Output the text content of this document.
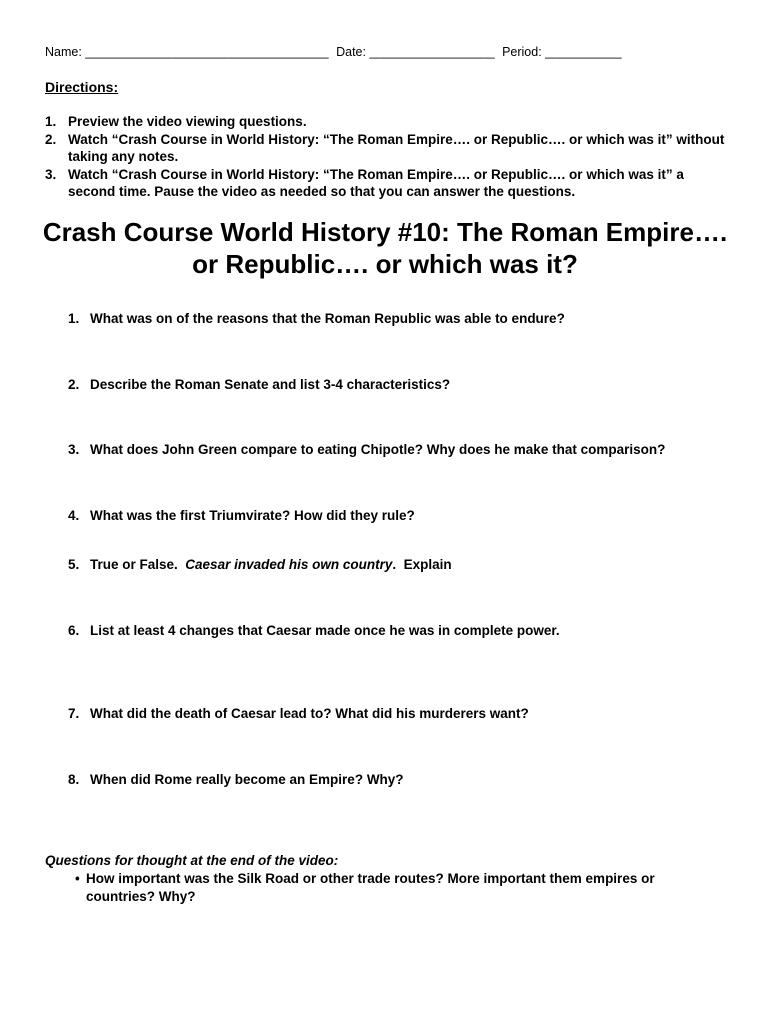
Name: ___________________________________ Date: __________________ Period: ___________
Directions:
1. Preview the video viewing questions.
2. Watch “Crash Course in World History: “The Roman Empire…. or Republic…. or which was it” without taking any notes.
3. Watch “Crash Course in World History: “The Roman Empire…. or Republic…. or which was it” a second time. Pause the video as needed so that you can answer the questions.
Crash Course World History #10: The Roman Empire….
or Republic…. or which was it?
1. What was on of the reasons that the Roman Republic was able to endure?
2. Describe the Roman Senate and list 3-4 characteristics?
3. What does John Green compare to eating Chipotle? Why does he make that comparison?
4. What was the first Triumvirate? How did they rule?
5. True or False.  Caesar invaded his own country.  Explain
6. List at least 4 changes that Caesar made once he was in complete power.
7. What did the death of Caesar lead to? What did his murderers want?
8. When did Rome really become an Empire? Why?
Questions for thought at the end of the video:
• How important was the Silk Road or other trade routes? More important them empires or countries? Why?
